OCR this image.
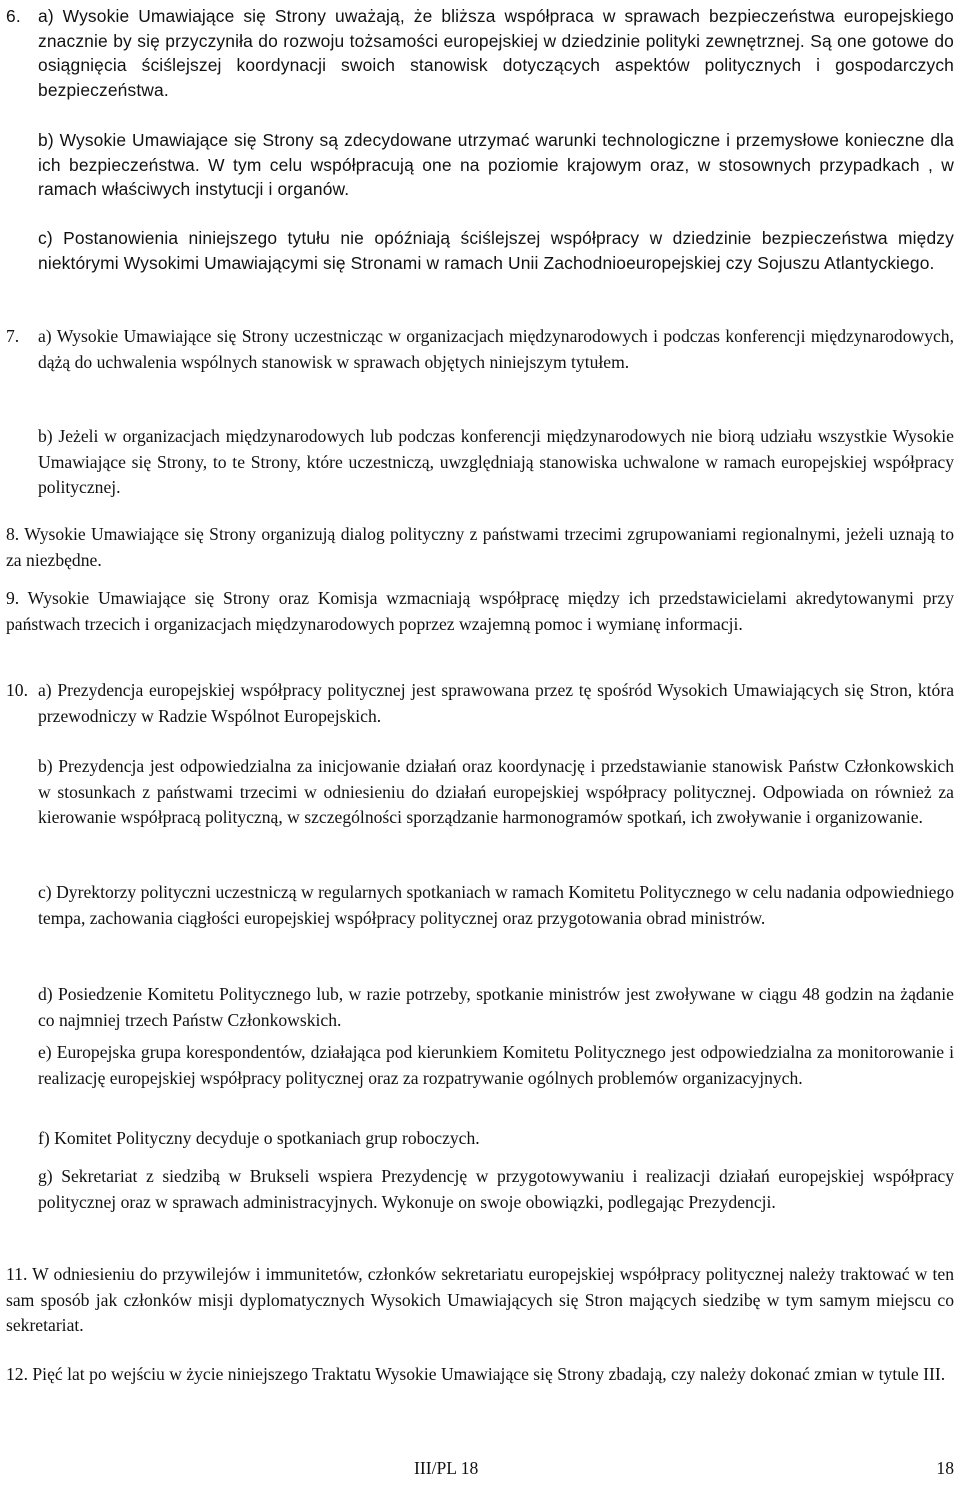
6. a) Wysokie Umawiające się Strony uważają, że bliższa współpraca w sprawach bezpieczeństwa europejskiego znacznie by się przyczyniła do rozwoju tożsamości europejskiej w dziedzinie polityki zewnętrznej. Są one gotowe do osiągnięcia ściślejszej koordynacji swoich stanowisk dotyczących aspektów politycznych i gospodarczych bezpieczeństwa.

b) Wysokie Umawiające się Strony są zdecydowane utrzymać warunki technologiczne i przemysłowe konieczne dla ich bezpieczeństwa. W tym celu współpracują one na poziomie krajowym oraz, w stosownych przypadkach , w ramach właściwych instytucji i organów.

c) Postanowienia niniejszego tytułu nie opóźniają ściślejszej współpracy w dziedzinie bezpieczeństwa między niektórymi Wysokimi Umawiającymi się Stronami w ramach Unii Zachodnioeuropejskiej czy Sojuszu Atlantyckiego.

7. a) Wysokie Umawiające się Strony uczestnicząc w organizacjach międzynarodowych i podczas konferencji międzynarodowych, dążą do uchwalenia wspólnych stanowisk w sprawach objętych niniejszym tytułem.

b) Jeżeli w organizacjach międzynarodowych lub podczas konferencji międzynarodowych nie biorą udziału wszystkie Wysokie Umawiające się Strony, to te Strony, które uczestniczą, uwzględniają stanowiska uchwalone w ramach europejskiej współpracy politycznej.

8. Wysokie Umawiające się Strony organizują dialog polityczny z państwami trzecimi zgrupowaniami regionalnymi, jeżeli uznają to za niezbędne.

9. Wysokie Umawiające się Strony oraz Komisja wzmacniają współpracę między ich przedstawicielami akredytowanymi przy państwach trzecich i organizacjach międzynarodowych poprzez wzajemną pomoc i wymianę informacji.

10. a) Prezydencja europejskiej współpracy politycznej jest sprawowana przez tę spośród Wysokich Umawiających się Stron, która przewodniczy w Radzie Wspólnot Europejskich.

b) Prezydencja jest odpowiedzialna za inicjowanie działań oraz koordynację i przedstawianie stanowisk Państw Członkowskich w stosunkach z państwami trzecimi w odniesieniu do działań europejskiej współpracy politycznej. Odpowiada on również za kierowanie współpracą polityczną, w szczególności sporządzanie harmonogramów spotkań, ich zwoływanie i organizowanie.

c) Dyrektorzy polityczni uczestniczą w regularnych spotkaniach w ramach Komitetu Politycznego w celu nadania odpowiedniego tempa, zachowania ciągłości europejskiej współpracy politycznej oraz przygotowania obrad ministrów.

d) Posiedzenie Komitetu Politycznego lub, w razie potrzeby, spotkanie ministrów jest zwoływane w ciągu 48 godzin na żądanie co najmniej trzech Państw Członkowskich.

e) Europejska grupa korespondentów, działająca pod kierunkiem Komitetu Politycznego jest odpowiedzialna za monitorowanie i realizację europejskiej współpracy politycznej oraz za rozpatrywanie ogólnych problemów organizacyjnych.

f) Komitet Polityczny decyduje o spotkaniach grup roboczych.

g) Sekretariat z siedzibą w Brukseli wspiera Prezydencję w przygotowywaniu i realizacji działań europejskiej współpracy politycznej oraz w sprawach administracyjnych. Wykonuje on swoje obowiązki, podlegając Prezydencji.

11. W odniesieniu do przywilejów i immunitetów, członków sekretariatu europejskiej współpracy politycznej należy traktować w ten sam sposób jak członków misji dyplomatycznych Wysokich Umawiających się Stron mających siedzibę w tym samym miejscu co sekretariat.

12. Pięć lat po wejściu w życie niniejszego Traktatu Wysokie Umawiające się Strony zbadają, czy należy dokonać zmian w tytule III.

III/PL 18	18
